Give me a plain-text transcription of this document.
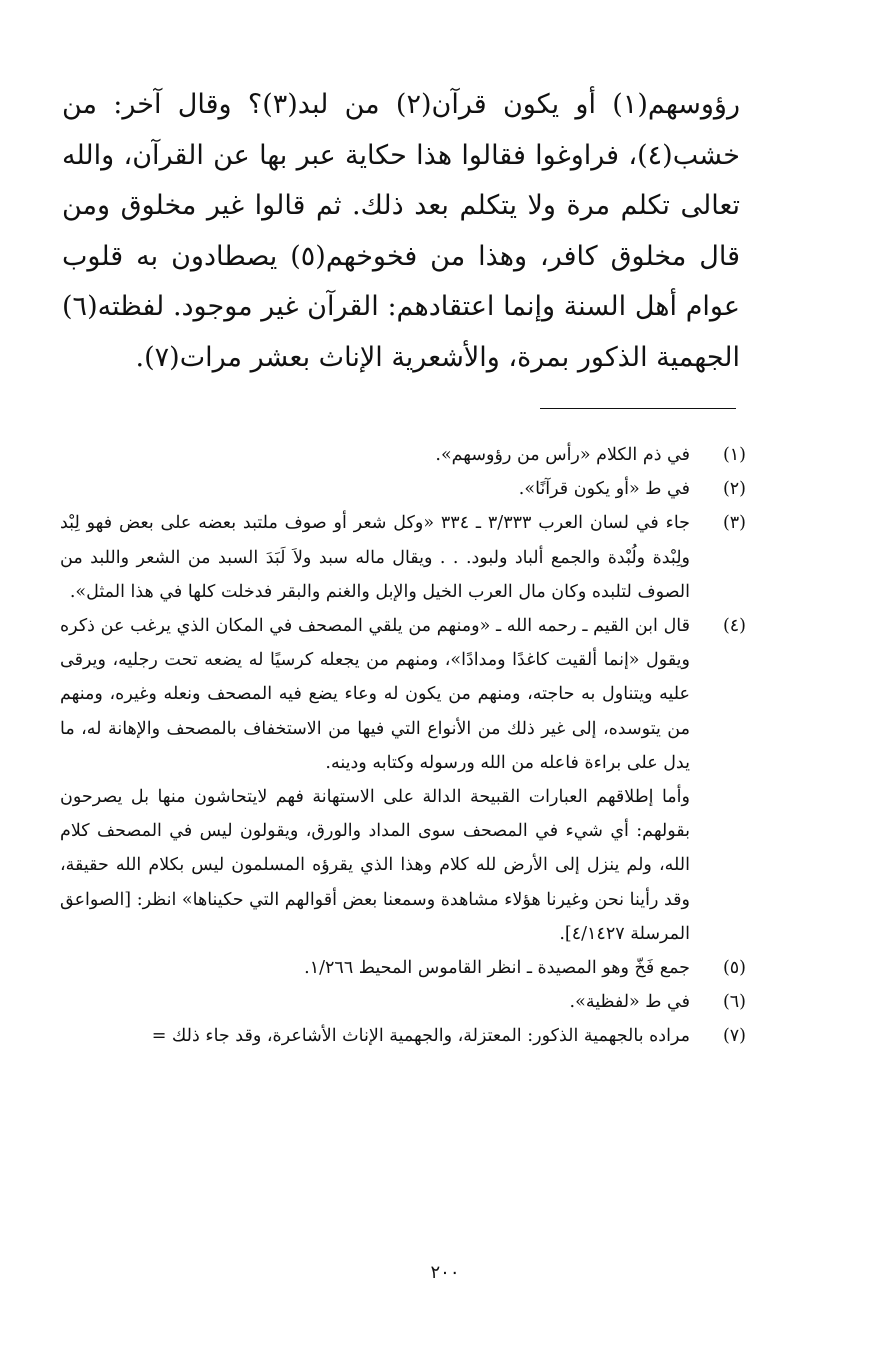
رؤوسهم(١) أو يكون قرآن(٢) من لبد(٣)؟ وقال آخر: من خشب(٤)، فراوغوا فقالوا هذا حكاية عبر بها عن القرآن، والله تعالى تكلم مرة ولا يتكلم بعد ذلك. ثم قالوا غير مخلوق ومن قال مخلوق كافر، وهذا من فخوخهم(٥) يصطادون به قلوب عوام أهل السنة وإنما اعتقادهم: القرآن غير موجود. لفظته(٦) الجهمية الذكور بمرة، والأشعرية الإناث بعشر مرات(٧).

(١)
في ذم الكلام «رأس من رؤوسهم».
(٢)
في ط «أو يكون قرآنًا».
(٣)
جاء في لسان العرب ٣/٣٣٣ ـ ٣٣٤ «وكل شعر أو صوف ملتبد بعضه على بعض فهو لِبْد ولِبْدة ولُبْدة والجمع ألباد ولبود. . . ويقال ماله سبد ولاَ لَبَدَ السبد من الشعر واللبد من الصوف لتلبده وكان مال العرب الخيل والإبل والغنم والبقر فدخلت كلها في هذا المثل».
(٤)
قال ابن القيم ـ رحمه الله ـ «ومنهم من يلقي المصحف في المكان الذي يرغب عن ذكره ويقول «إنما ألقيت كاغدًا ومدادًا»، ومنهم من يجعله كرسيًا له يضعه تحت رجليه، ويرقى عليه ويتناول به حاجته، ومنهم من يكون له وعاء يضع فيه المصحف ونعله وغيره، ومنهم من يتوسده، إلى غير ذلك من الأنواع التي فيها من الاستخفاف بالمصحف والإهانة له، ما يدل على براءة فاعله من الله ورسوله وكتابه ودينه.
وأما إطلاقهم العبارات القبيحة الدالة على الاستهانة فهم لايتحاشون منها بل يصرحون بقولهم: أي شيء في المصحف سوى المداد والورق، ويقولون ليس في المصحف كلام الله، ولم ينزل إلى الأرض لله كلام وهذا الذي يقرؤه المسلمون ليس بكلام الله حقيقة، وقد رأينا نحن وغيرنا هؤلاء مشاهدة وسمعنا بعض أقوالهم التي حكيناها» انظر: [الصواعق المرسلة ٤/١٤٢٧].
(٥)
جمع فَخّ وهو المصيدة ـ انظر القاموس المحيط ١/٢٦٦.
(٦)
في ط «لفظية».
(٧)
مراده بالجهمية الذكور: المعتزلة، والجهمية الإناث الأشاعرة، وقد جاء ذلك =
٢٠٠
